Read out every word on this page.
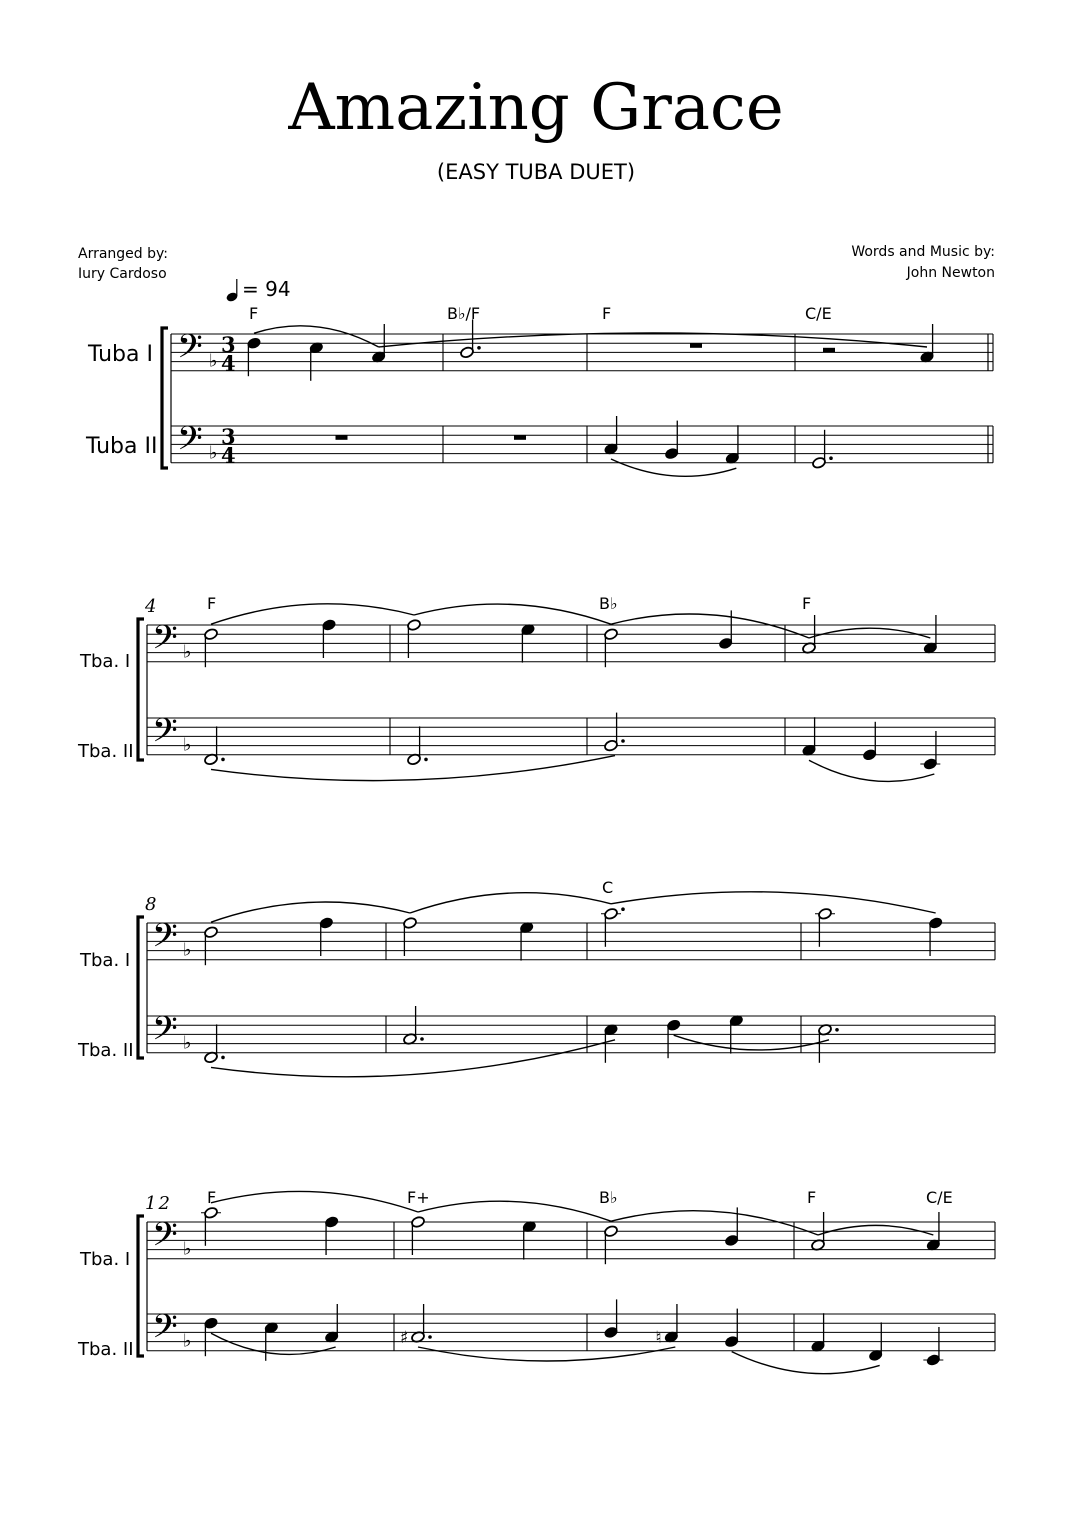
Amazing Grace
(EASY TUBA DUET)
Arranged by:
Iury Cardoso
Words and Music by:
John Newton
= 94
Tuba I
Tuba II
Tba. I
Tba. II
Tba. I
Tba. II
Tba. I
Tba. II
4
8
12
F	B♭/F	F	C/E
F	B♭	F
C
F	F+	B♭	F	C/E
𝄢 ♭
3
4
𝄢 ♭
3
4
𝄢 ♭
𝄢 ♭
𝄢 ♭
𝄢 ♭
𝄢 ♭
𝄢 ♭	♯	♮
